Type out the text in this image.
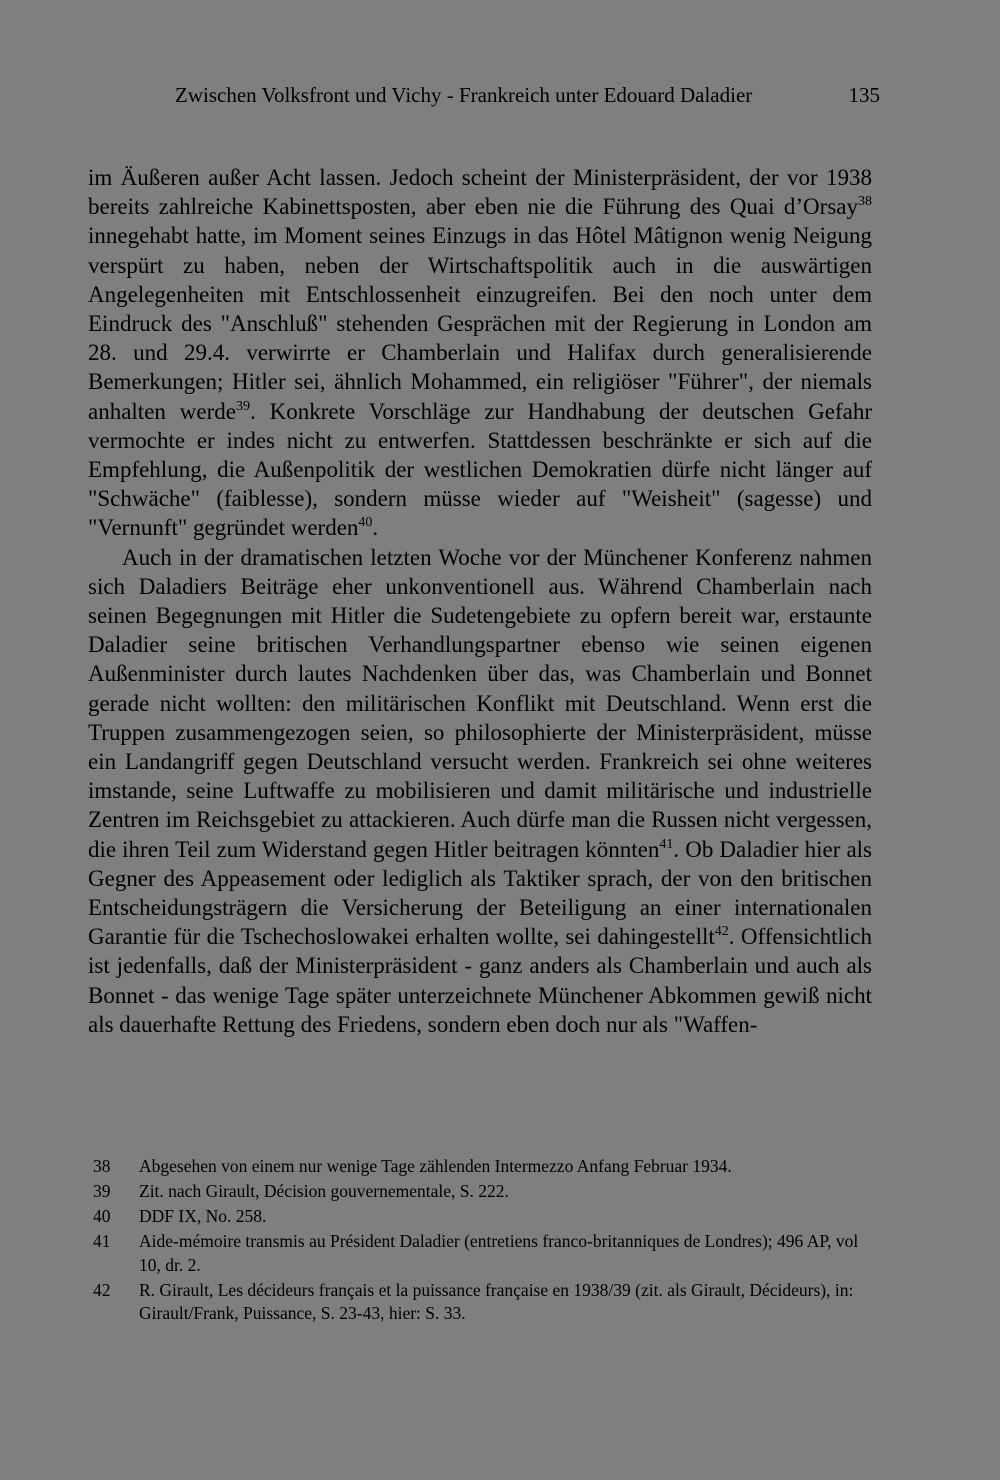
Zwischen Volksfront und Vichy - Frankreich unter Edouard Daladier	135

im Äußeren außer Acht lassen. Jedoch scheint der Ministerpräsident, der vor 1938 bereits zahlreiche Kabinettsposten, aber eben nie die Führung des Quai d’Orsay$^{38}$ innegehabt hatte, im Moment seines Einzugs in das Hôtel Mâtignon wenig Neigung verspürt zu haben, neben der Wirtschaftspolitik auch in die auswärtigen Angelegenheiten mit Entschlossenheit einzugreifen. Bei den noch unter dem Eindruck des "Anschluß" stehenden Gesprächen mit der Regierung in London am 28. und 29.4. verwirrte er Chamberlain und Halifax durch generalisierende Bemerkungen; Hitler sei, ähnlich Mohammed, ein religiöser "Führer", der niemals anhalten werde$^{39}$. Konkrete Vorschläge zur Handhabung der deutschen Gefahr vermochte er indes nicht zu entwerfen. Stattdessen beschränkte er sich auf die Empfehlung, die Außenpolitik der westlichen Demokratien dürfe nicht länger auf "Schwäche" (faiblesse), sondern müsse wieder auf "Weisheit" (sagesse) und "Vernunft" gegründet werden$^{40}$.

Auch in der dramatischen letzten Woche vor der Münchener Konferenz nahmen sich Daladiers Beiträge eher unkonventionell aus. Während Chamberlain nach seinen Begegnungen mit Hitler die Sudetengebiete zu opfern bereit war, erstaunte Daladier seine britischen Verhandlungspartner ebenso wie seinen eigenen Außenminister durch lautes Nachdenken über das, was Chamberlain und Bonnet gerade nicht wollten: den militärischen Konflikt mit Deutschland. Wenn erst die Truppen zusammengezogen seien, so philosophierte der Ministerpräsident, müsse ein Landangriff gegen Deutschland versucht werden. Frankreich sei ohne weiteres imstande, seine Luftwaffe zu mobilisieren und damit militärische und industrielle Zentren im Reichsgebiet zu attackieren. Auch dürfe man die Russen nicht vergessen, die ihren Teil zum Widerstand gegen Hitler beitragen könnten$^{41}$. Ob Daladier hier als Gegner des Appeasement oder lediglich als Taktiker sprach, der von den britischen Entscheidungsträgern die Versicherung der Beteiligung an einer internationalen Garantie für die Tschechoslowakei erhalten wollte, sei dahingestellt$^{42}$. Offensichtlich ist jedenfalls, daß der Ministerpräsident - ganz anders als Chamberlain und auch als Bonnet - das wenige Tage später unterzeichnete Münchener Abkommen gewiß nicht als dauerhafte Rettung des Friedens, sondern eben doch nur als "Waffen-

38	Abgesehen von einem nur wenige Tage zählenden Intermezzo Anfang Februar 1934.
39	Zit. nach Girault, Décision gouvernementale, S. 222.
40	DDF IX, No. 258.
41	Aide-mémoire transmis au Président Daladier (entretiens franco-britanniques de Londres); 496 AP, vol 10, dr. 2.
42	R. Girault, Les décideurs français et la puissance française en 1938/39 (zit. als Girault, Décideurs), in: Girault/Frank, Puissance, S. 23-43, hier: S. 33.
